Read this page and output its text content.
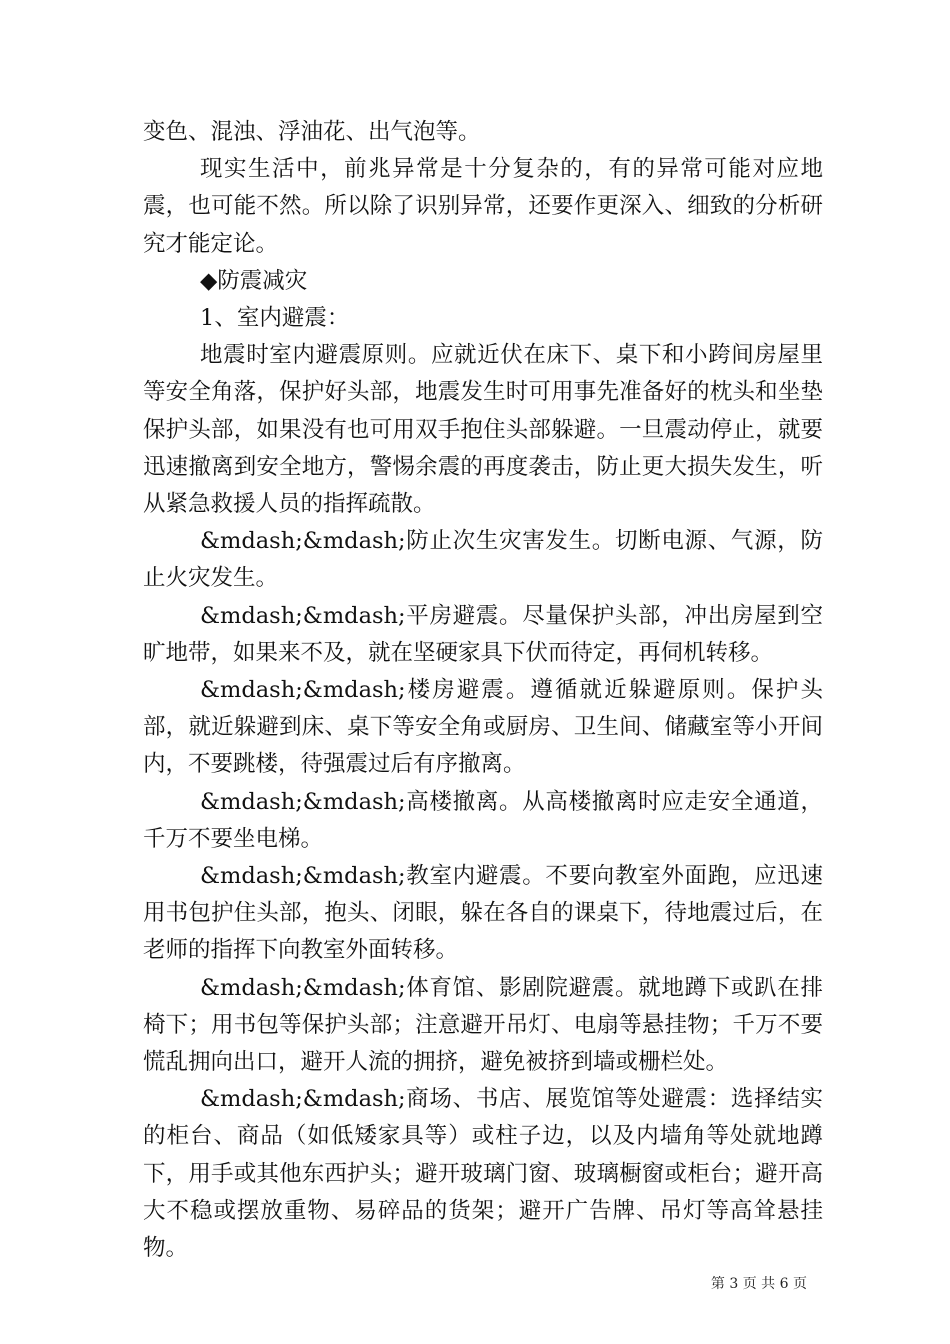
变色、混浊、浮油花、出气泡等。

现实生活中，前兆异常是十分复杂的，有的异常可能对应地震，也可能不然。所以除了识别异常，还要作更深入、细致的分析研究才能定论。

◆防震减灾

1、室内避震：

地震时室内避震原则。应就近伏在床下、桌下和小跨间房屋里等安全角落，保护好头部，地震发生时可用事先准备好的枕头和坐垫保护头部，如果没有也可用双手抱住头部躲避。一旦震动停止，就要迅速撤离到安全地方，警惕余震的再度袭击，防止更大损失发生，听从紧急救援人员的指挥疏散。

&mdash;&mdash;防止次生灾害发生。切断电源、气源，防止火灾发生。

&mdash;&mdash;平房避震。尽量保护头部，冲出房屋到空旷地带，如果来不及，就在坚硬家具下伏而待定，再伺机转移。

&mdash;&mdash;楼房避震。遵循就近躲避原则。保护头部，就近躲避到床、桌下等安全角或厨房、卫生间、储藏室等小开间内，不要跳楼，待强震过后有序撤离。

&mdash;&mdash;高楼撤离。从高楼撤离时应走安全通道，千万不要坐电梯。

&mdash;&mdash;教室内避震。不要向教室外面跑，应迅速用书包护住头部，抱头、闭眼，躲在各自的课桌下，待地震过后，在老师的指挥下向教室外面转移。

&mdash;&mdash;体育馆、影剧院避震。就地蹲下或趴在排椅下；用书包等保护头部；注意避开吊灯、电扇等悬挂物；千万不要慌乱拥向出口，避开人流的拥挤，避免被挤到墙或栅栏处。

&mdash;&mdash;商场、书店、展览馆等处避震：选择结实的柜台、商品（如低矮家具等）或柱子边，以及内墙角等处就地蹲下，用手或其他东西护头；避开玻璃门窗、玻璃橱窗或柜台；避开高大不稳或摆放重物、易碎品的货架；避开广告牌、吊灯等高耸悬挂物。

第 3 页 共 6 页
